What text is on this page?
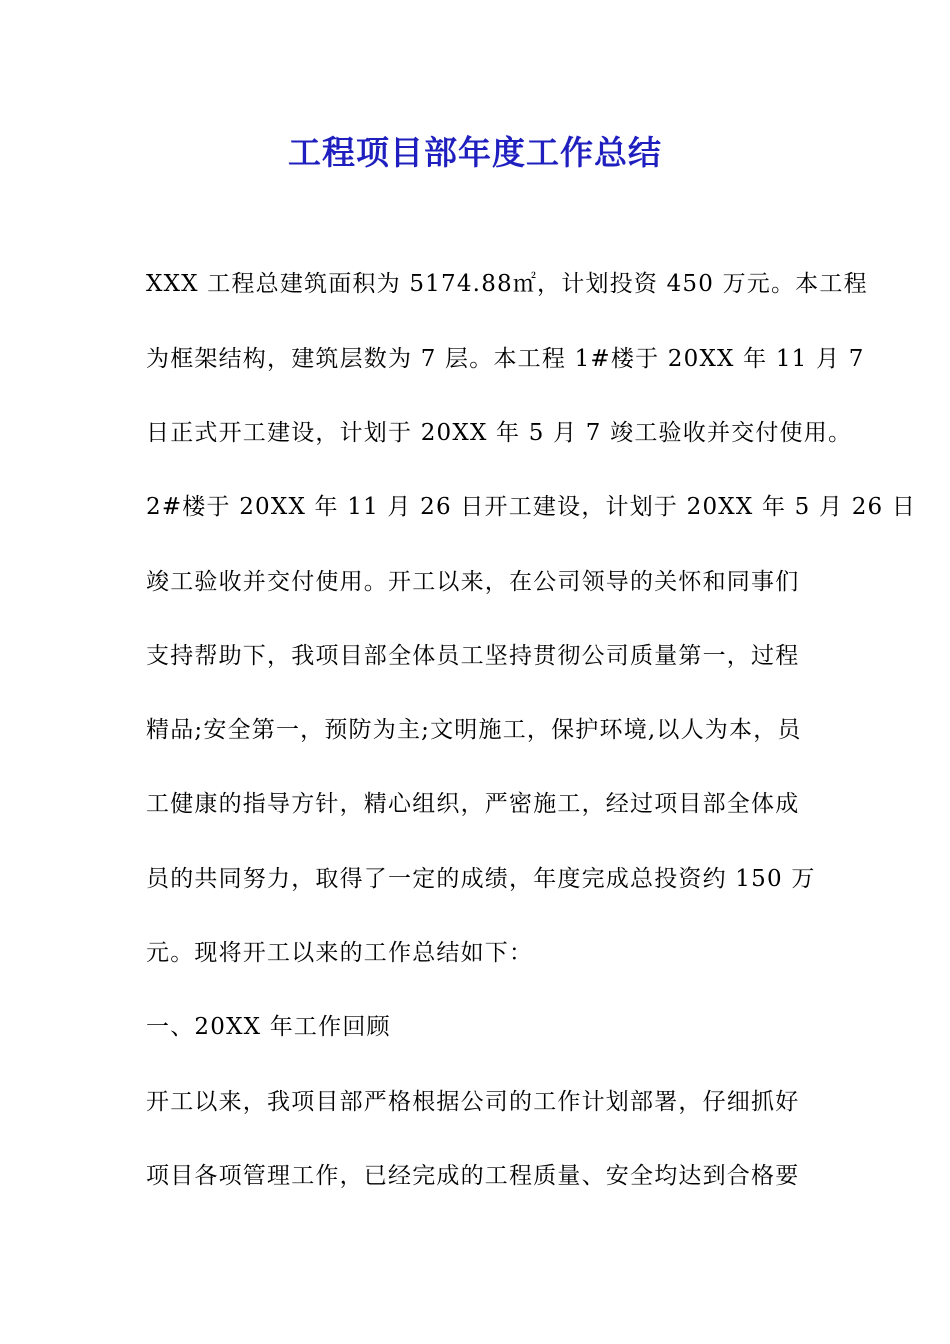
工程项目部年度工作总结
XXX 工程总建筑面积为 5174.88㎡，计划投资 450 万元。本工程
为框架结构，建筑层数为 7 层。本工程 1#楼于 20XX 年 11 月 7
日正式开工建设，计划于 20XX 年 5 月 7 竣工验收并交付使用。
2#楼于 20XX 年 11 月 26 日开工建设，计划于 20XX 年 5 月 26 日
竣工验收并交付使用。开工以来，在公司领导的关怀和同事们
支持帮助下，我项目部全体员工坚持贯彻公司质量第一，过程
精品;安全第一，预防为主;文明施工，保护环境,以人为本，员
工健康的指导方针，精心组织，严密施工，经过项目部全体成
员的共同努力，取得了一定的成绩，年度完成总投资约 150 万
元。现将开工以来的工作总结如下：
一、20XX 年工作回顾
开工以来，我项目部严格根据公司的工作计划部署，仔细抓好
项目各项管理工作，已经完成的工程质量、安全均达到合格要
